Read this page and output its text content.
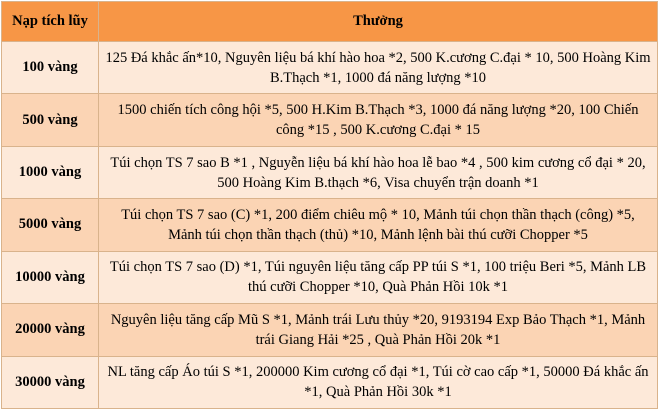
Nạp tích lũy	Thưởng
100 vàng	125 Đá khắc ấn*10, Nguyên liệu bá khí hào hoa *2, 500 K.cương C.đại * 10, 500 Hoàng Kim B.Thạch *1, 1000 đá năng lượng *10
500 vàng	1500 chiến tích công hội *5, 500 H.Kim B.Thạch *3, 1000 đá năng lượng *20, 100 Chiến công *15 , 500 K.cương C.đại * 15
1000 vàng	Túi chọn TS 7 sao B *1 , Nguyễn liệu bá khí hào hoa lễ bao *4 , 500 kim cương cổ đại * 20, 500 Hoàng Kim B.thạch *6, Visa chuyển trận doanh *1
5000 vàng	Túi chọn TS 7 sao (C) *1, 200 điểm chiêu mộ * 10, Mảnh túi chọn thần thạch (công) *5, Mảnh túi chọn thần thạch (thủ) *10, Mảnh lệnh bài thú cưỡi Chopper *5
10000 vàng	Túi chọn TS 7 sao (D) *1, Túi nguyên liệu tăng cấp PP túi S *1, 100 triệu Beri *5, Mảnh LB thú cưỡi Chopper *10, Quà Phản Hồi 10k *1
20000 vàng	Nguyên liệu tăng cấp Mũ S *1, Mảnh trái Lưu thủy *20, 9193194 Exp Bảo Thạch *1, Mảnh trái Giang Hải *25 , Quà Phản Hồi 20k *1
30000 vàng	NL tăng cấp Áo túi S *1, 200000 Kim cương cổ đại *1, Túi cờ cao cấp *1, 50000 Đá khắc ấn *1, Quà Phản Hồi 30k *1
